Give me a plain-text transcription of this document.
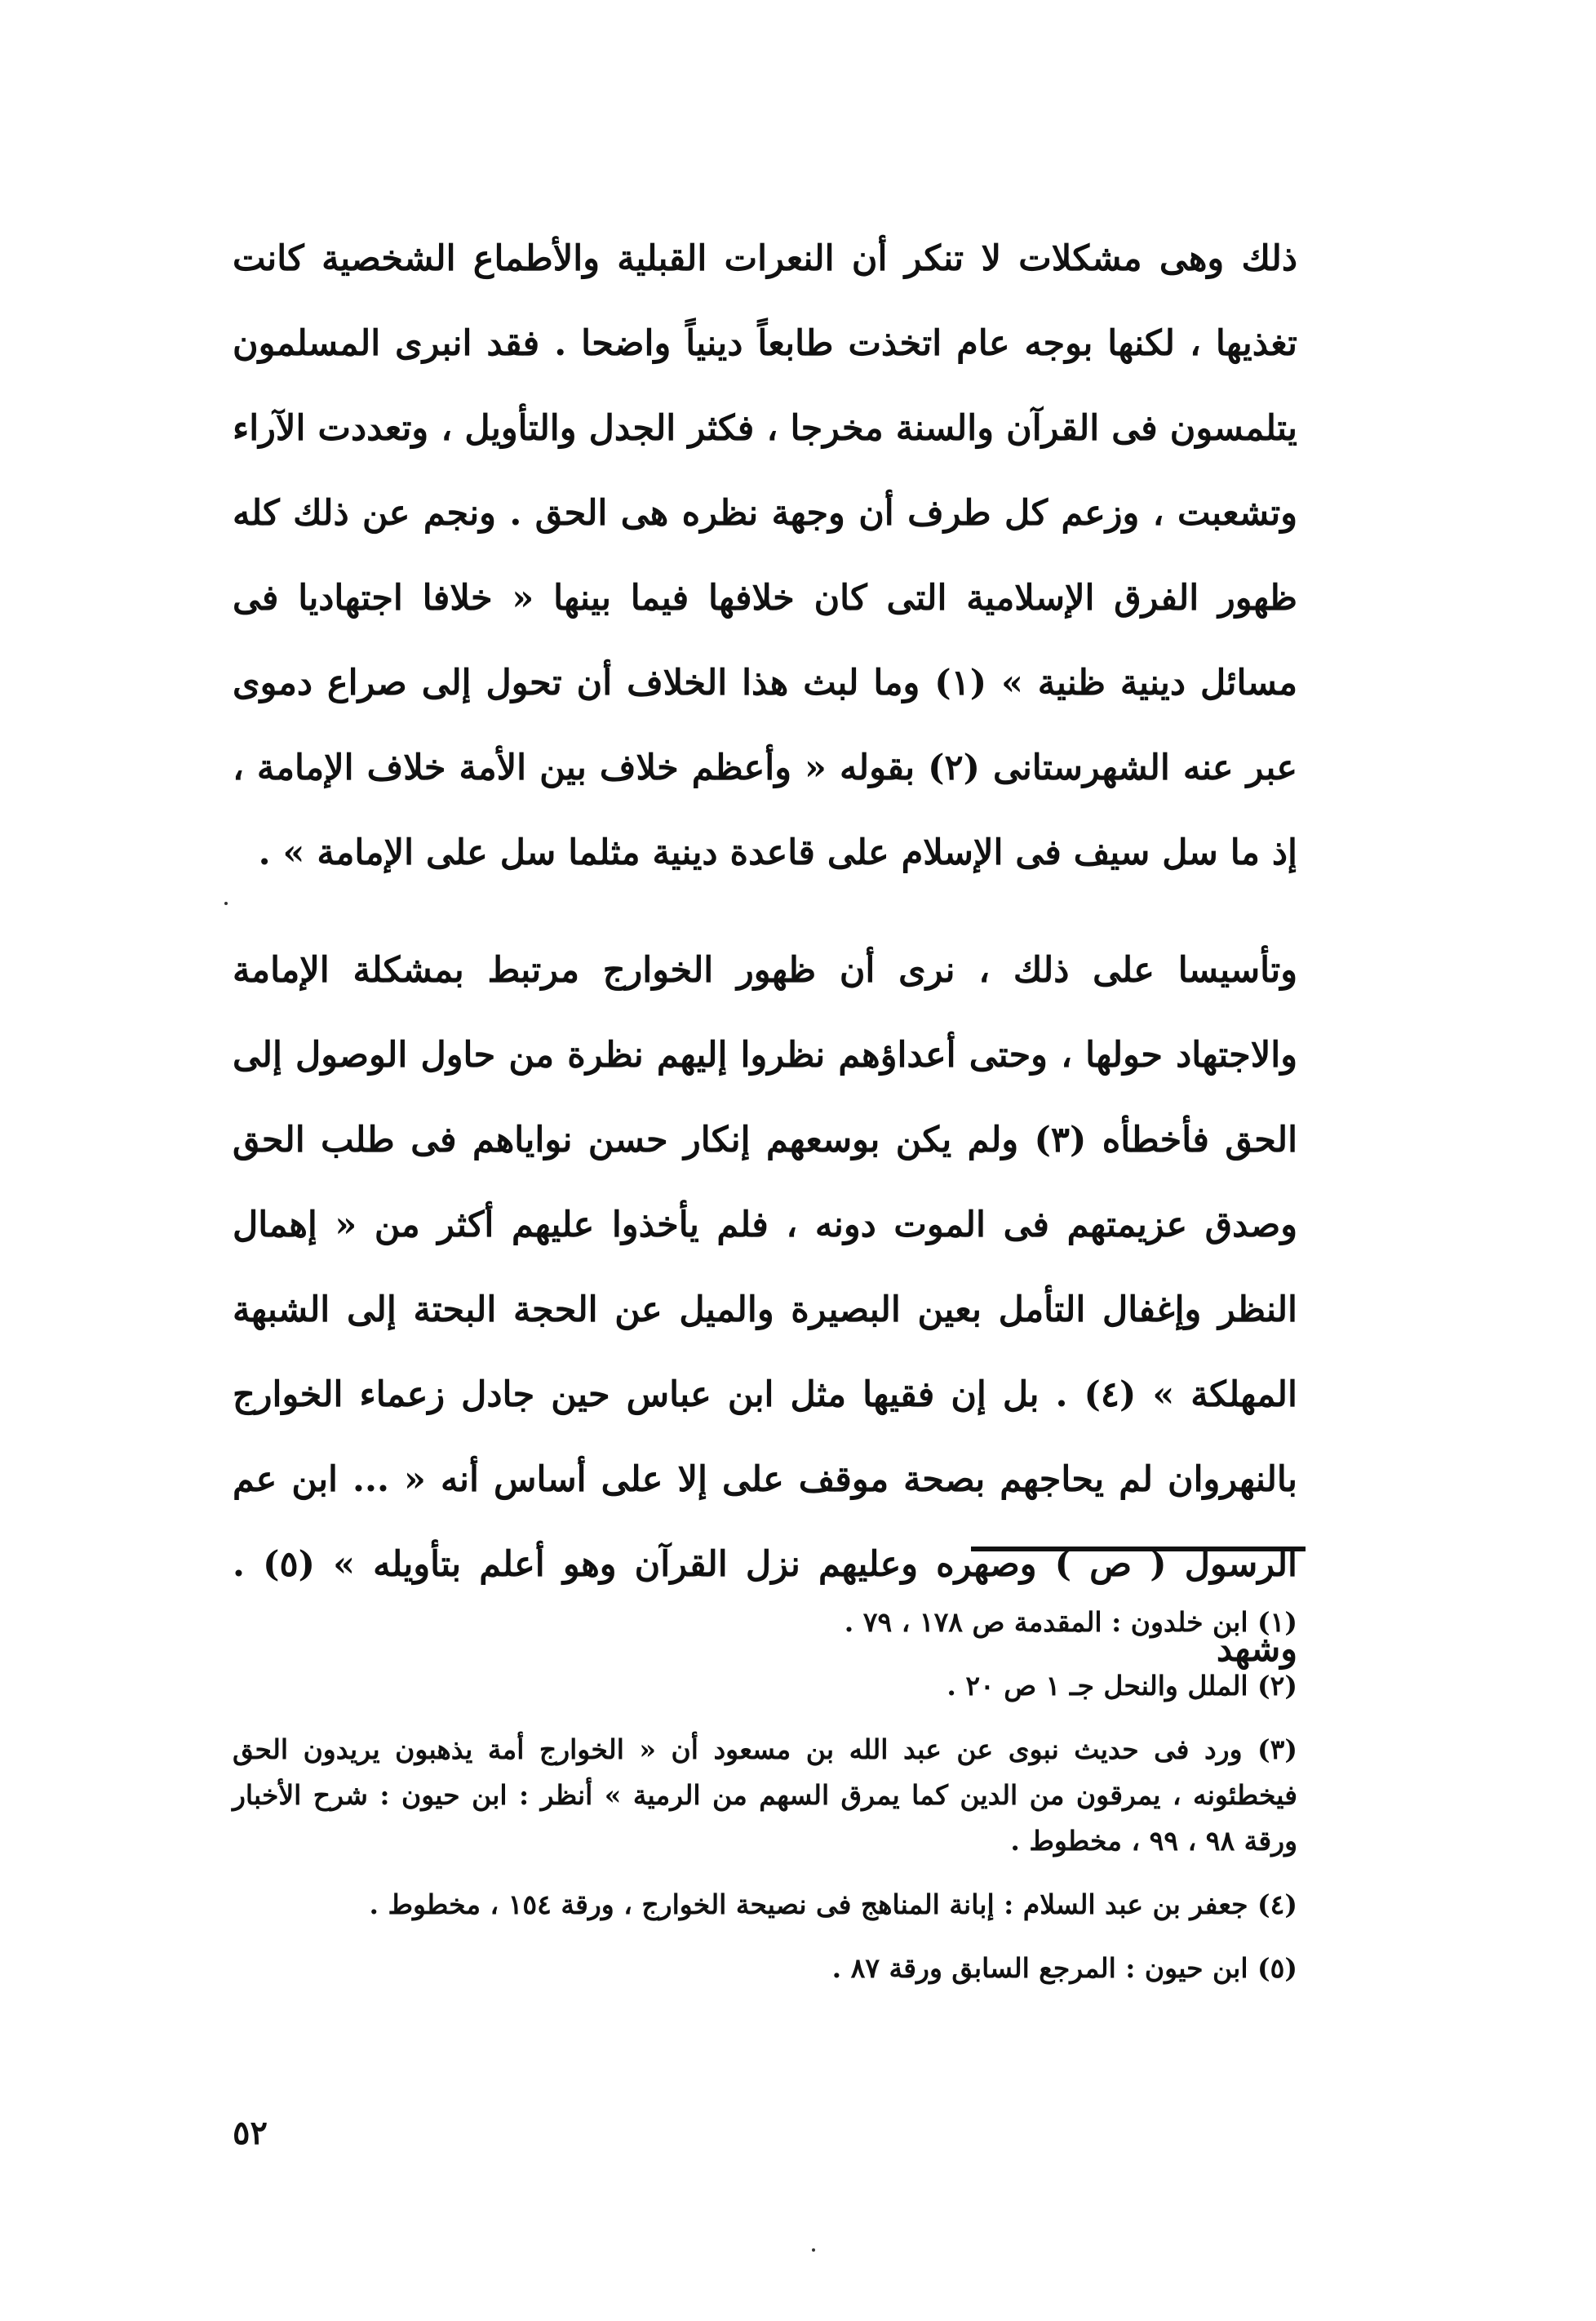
ذلك وهى مشكلات لا تنكر أن النعرات القبلية والأطماع الشخصية كانت تغذيها ، لكنها بوجه عام اتخذت طابعاً دينياً واضحا . فقد انبرى المسلمون يتلمسون فى القرآن والسنة مخرجا ، فكثر الجدل والتأويل ، وتعددت الآراء وتشعبت ، وزعم كل طرف أن وجهة نظره هى الحق . ونجم عن ذلك كله ظهور الفرق الإسلامية التى كان خلافها فيما بينها « خلافا اجتهاديا فى مسائل دينية ظنية » (١) وما لبث هذا الخلاف أن تحول إلى صراع دموى عبر عنه الشهرستانى (٢) بقوله « وأعظم خلاف بين الأمة خلاف الإمامة ، إذ ما سل سيف فى الإسلام على قاعدة دينية مثلما سل على الإمامة » .

وتأسيسا على ذلك ، نرى أن ظهور الخوارج مرتبط بمشكلة الإمامة والاجتهاد حولها ، وحتى أعداؤهم نظروا إليهم نظرة من حاول الوصول إلى الحق فأخطأه (٣) ولم يكن بوسعهم إنكار حسن نواياهم فى طلب الحق وصدق عزيمتهم فى الموت دونه ، فلم يأخذوا عليهم أكثر من « إهمال النظر وإغفال التأمل بعين البصيرة والميل عن الحجة البحتة إلى الشبهة المهلكة » (٤) . بل إن فقيها مثل ابن عباس حين جادل زعماء الخوارج بالنهروان لم يحاجهم بصحة موقف على إلا على أساس أنه « ... ابن عم الرسول ( ص ) وصهره وعليهم نزل القرآن وهو أعلم بتأويله » (٥) . وشهد

(١) ابن خلدون : المقدمة ص ١٧٨ ، ٧٩ .

(٢) الملل والنحل جـ ١ ص ٢٠ .

(٣) ورد فى حديث نبوى عن عبد الله بن مسعود أن « الخوارج أمة يذهبون يريدون الحق فيخطئونه ، يمرقون من الدين كما يمرق السهم من الرمية » أنظر : ابن حيون : شرح الأخبار ورقة ٩٨ ، ٩٩ ، مخطوط .

(٤) جعفر بن عبد السلام : إبانة المناهج فى نصيحة الخوارج ، ورقة ١٥٤ ، مخطوط .

(٥) ابن حيون : المرجع السابق ورقة ٨٧ .

٥٢
